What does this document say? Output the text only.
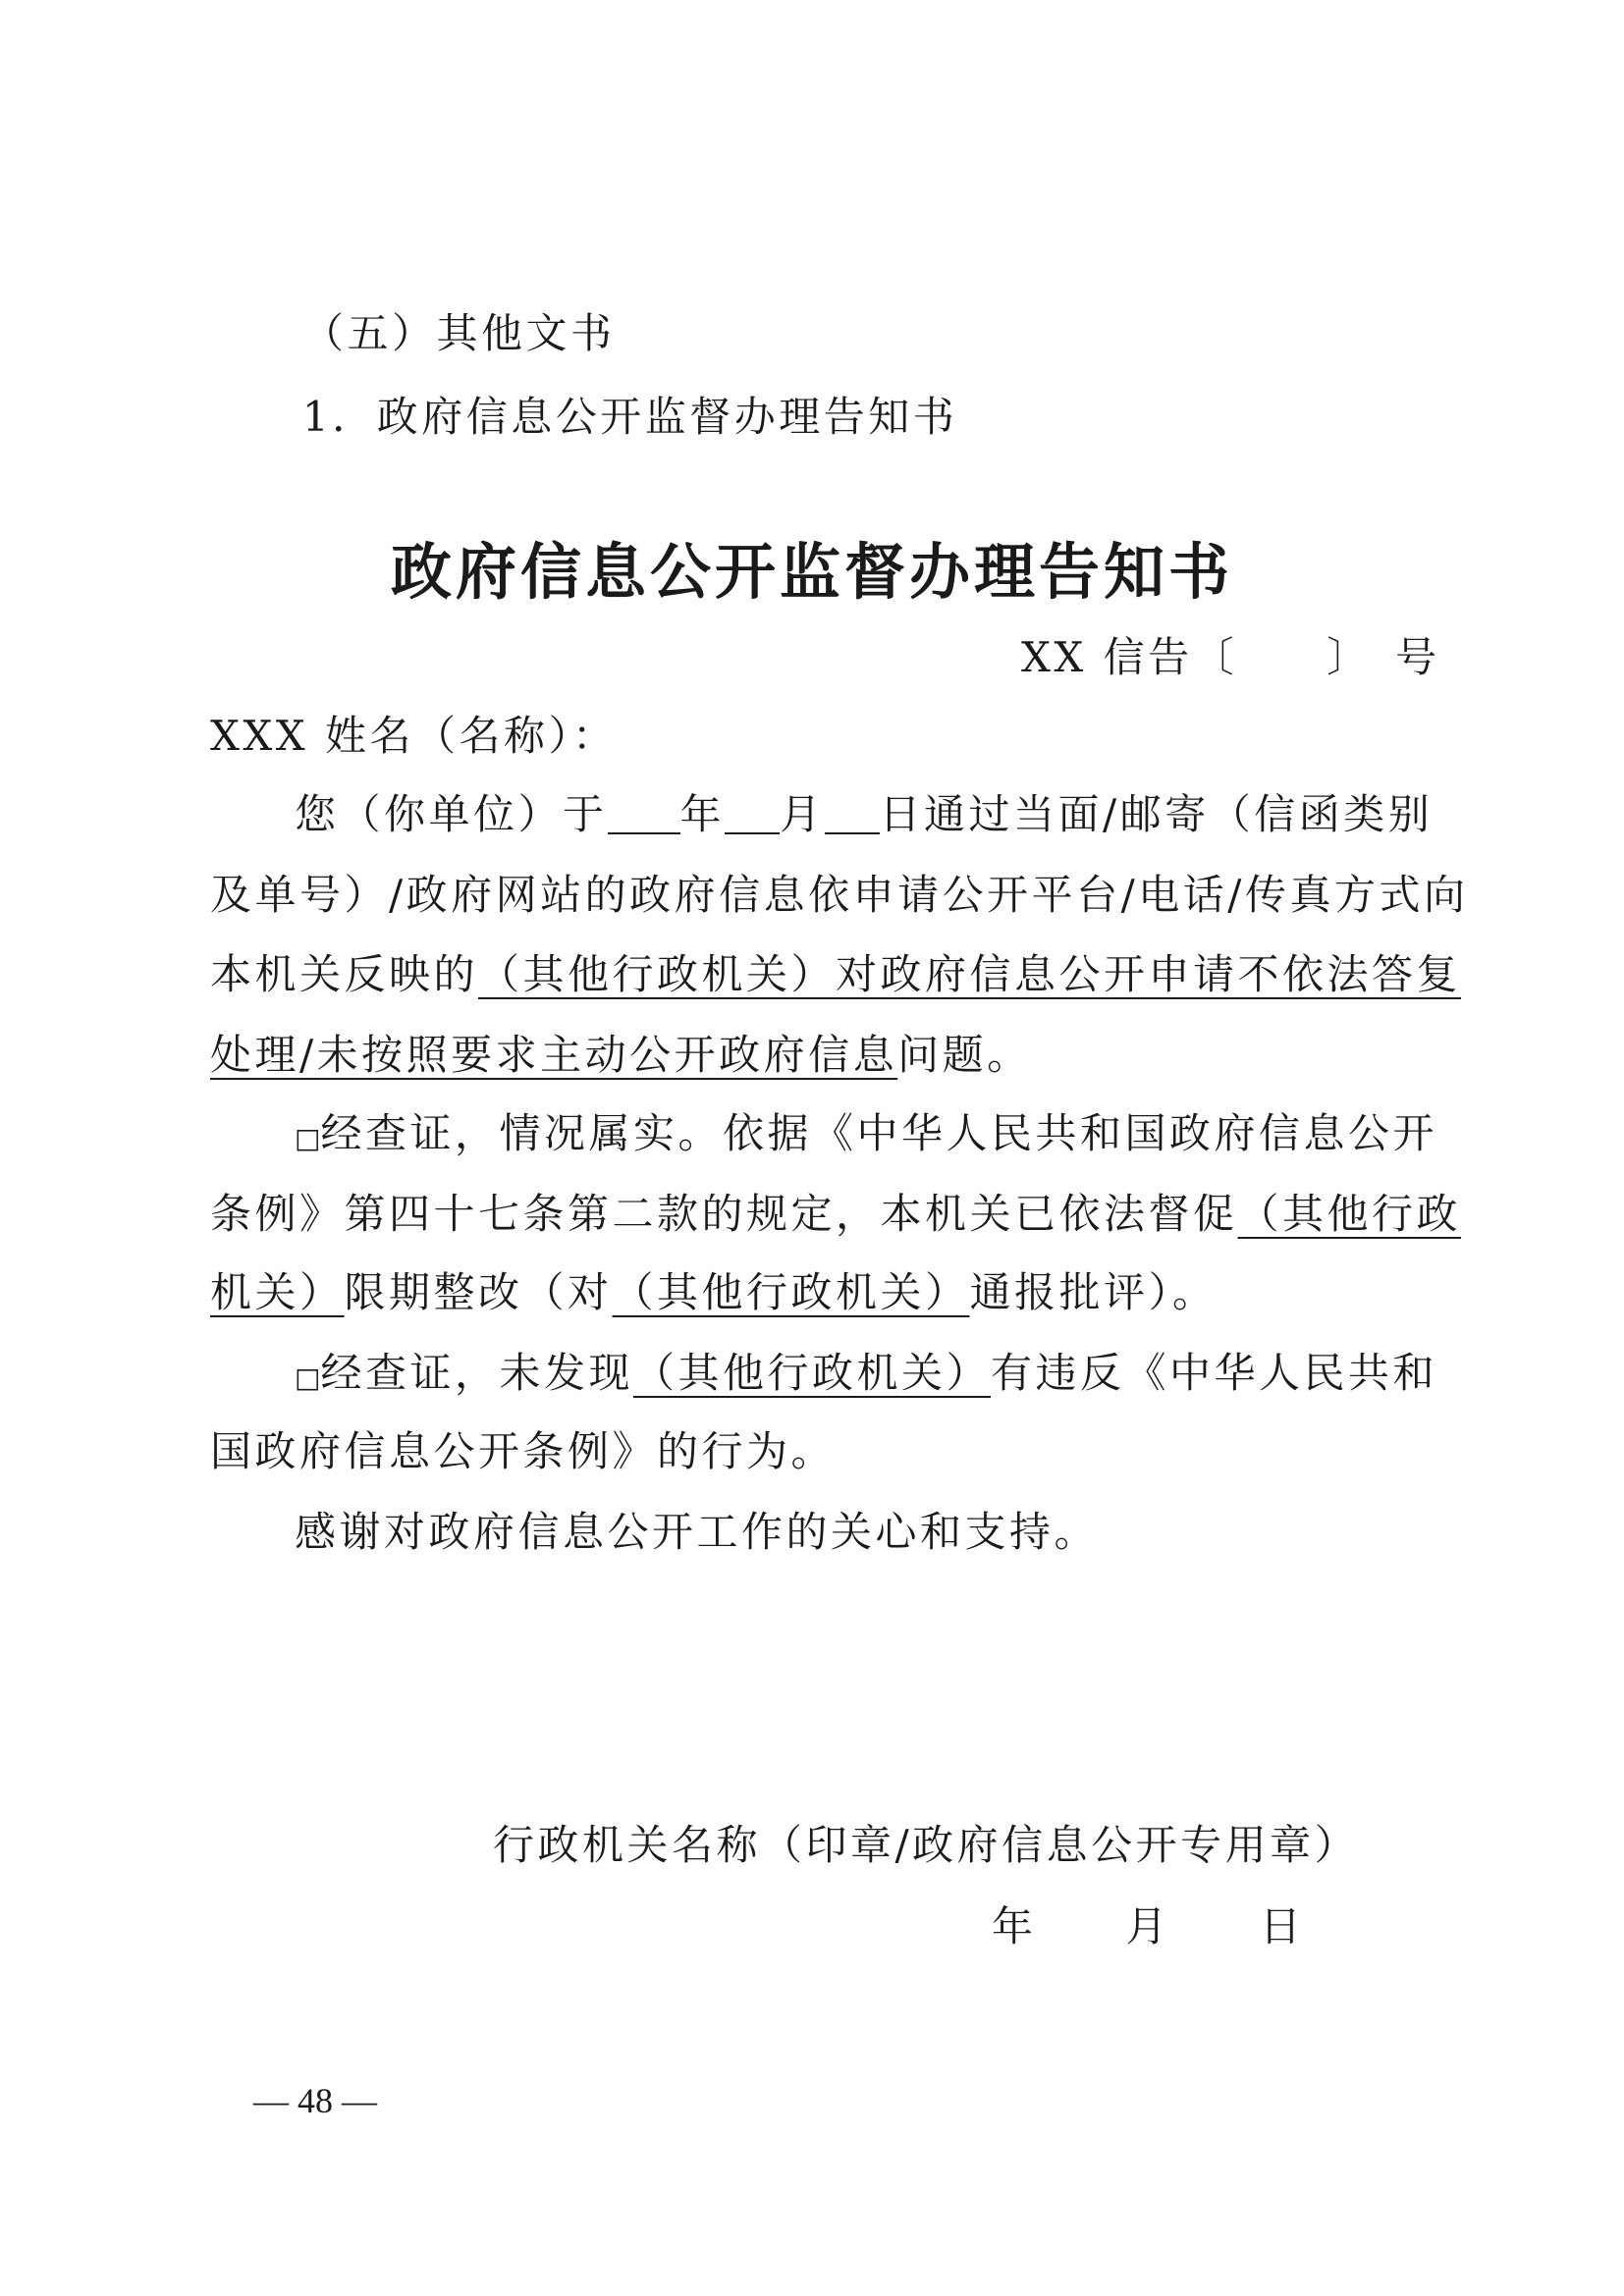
（五）其他文书
1．政府信息公开监督办理告知书
政府信息公开监督办理告知书
XX 信告〔　　〕　号
XXX 姓名（名称）：
您（你单位）于 年 月 日通过当面/邮寄（信函类别
及单号）/政府网站的政府信息依申请公开平台/电话/传真方式向
本机关反映的（其他行政机关）对政府信息公开申请不依法答复
处理/未按照要求主动公开政府信息问题。
□经查证，情况属实。依据《中华人民共和国政府信息公开
条例》第四十七条第二款的规定，本机关已依法督促（其他行政
机关）限期整改（对（其他行政机关）通报批评）。
□经查证，未发现（其他行政机关）有违反《中华人民共和
国政府信息公开条例》的行为。
感谢对政府信息公开工作的关心和支持。
行政机关名称（印章/政府信息公开专用章）
年　　月　　日
— 48 —
